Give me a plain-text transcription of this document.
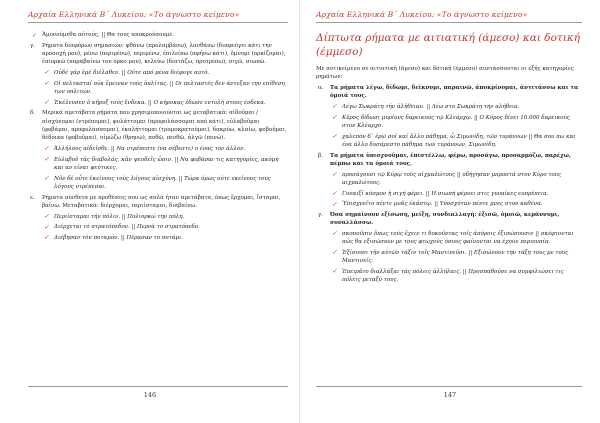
Αρχαία Ελληνικά Β΄ Λυκείου: «Το άγνωστο κείμενο»
✓ Ἀμυνούμεθα αὐτούς. || Θα τους αποκρούσουμε.
γ. Ρήματα διαφόρων σημασιῶν: φθάνω (προλαμβάνω), λανθάνω (διαφεύγει κάτι την προσοχή μου), μένω (περιμένω), περιμένω, ἐπιλείπω (αφήνω κάτι), ὄμνυμι (ορκίζομαι), ἐπιορκῶ (παραβαίνω τον όρκο μου), κελεύω (διατάζω, προτρέπω), σιγῶ, σιωπῶ.
✓ Οὐδέ γάρ ἐμέ διέλαθεν. || Ούτε από μένα διέφυγε αυτό.
✓ Οἱ πελτασταί οὐκ ἔμειναν τούς ὁπλίτας. || Οι πελταστές δεν άντεξαν την επίθεση των οπλιτών.
✓ Ἐκέλευσεν ὁ κῆρυξ τούς ἔνδεκα. || Ο κήρυκας έδωσε εντολή στους ένδεκα.
δ. Μερικά αμετάβατα ρήματα που χρησιμοποιούνται ως μεταβατικά: αἰδοῦμαι / αἰσχύνομαι (ντρέπομαι), φυλάττομαι (προφυλάσσομαι από κάτι), εὐλαβοῦμαι (φοβάμαι, προφυλάσσομαι), ἐκπλήττομαι (τρομοκρατούμαι), δακρύω, κλαίω, φοβοῦμαι, δέδοικα (φοβοῦμαι), οἰμώζω (θρηνώ), ποθῶ, πενθῶ, ἀλγῶ (πονώ).
✓ Ἀλλήλους αἰδεῖσθε. || Να ντρέπεστε (να σέβεστε) ο ένας τον άλλον.
✓ Εὐλαβοῦ τάς διαβολάς, κἄν ψευδεῖς ὦσιν. || Να φοβάσαι τις κατηγορίες, ακόμη και αν είναι ψεύτικες.
✓ Νῦν δέ οὗτε ἐκείνους τούς λόγους αἰσχύνη. || Τώρα όμως ούτε εκείνους τους λόγους ντρέπεσαι.
ε. Ρήματα σύνθετα με προθέσεις που ως απλά ήταν αμετάβατα, όπως ἔρχομαι, ἵσταμαι, βαίνω. Μεταβατικά: διέρχομαι, περιίσταμαι, διαβαίνω.
✓ Περιίσταμαι τήν πόλιν. || Πολιορκώ την πόλη.
✓ Διέρχεται τό στρατόπεδον. || Περνά το στρατόπεδο.
✓ Διέβησαν τόν ποταμόν. || Πέρασαν το ποτάμι.
146
Αρχαία Ελληνικά Β΄ Λυκείου: «Το άγνωστο κείμενο»
Δίπτωτα ρήματα με αιτιατική (άμεσο) και δοτική (έμμεσο)
Με αντικείμενο σε αιτιατική (άμεσο) και δοτική (έμμεσο) συντάσσονται οι εξής κατηγορίες ρημάτων:
α. Τα ρήματα λέγω, δίδωμι, δείκνυμι, παραινῶ, ἀποκρίνομαι, ἀντιτάσσω και τα όμοιά τους.
✓ Λέγω Σωκράτη τήν ἀλήθειαν. || Λέω στο Σωκράτη την αλήθεια.
✓ Κῦρος δίδωσι μυρίους δαρεικούς τῷ Κλεάρχῳ. || Ο Κύρος δίνει 10.000 δαρεικούς στον Κλέαρχο.
✓ χαλεπόν δ᾽ ἐρῶ σοί καί ἄλλο πάθημα, ὦ Σιμωνίδη, τῶν τυράννων || Θα σου πω και ένα άλλο δυσάρεστο πάθημα των τυράννων, Σιμωνίδη.
β. Τα ρήματα ὑπισχνοῦμαι, ἐπιστέλλω, φέρω, προσάγω, προσαρμόζω, παρέχω, πέμπω και τα όμοιά τους.
✓ προσάγουσι τῷ Κύρῳ τούς αἰχμαλώτους || οδήγησαν μπροστά στον Κύρο τους αιχμαλώτους.
✓ Γυναιξί κόσμον ἡ σιγή φέρει. || Η σιωπή φέρνει στις γυναίκες ευπρέπεια.
✓ Ὑπισχνεῖτο πέντε μνᾶς ἑκάστῳ. || Υποσχόταν πέντε μνες στον καθένα.
γ. Όσα σημαίνουν εξίσωση, μείξη, συνδιαλλαγή: ἐξισῶ, ὁμοιῶ, κεράννυμι, συναλλάσσω.
✓ σκοποῦσιν ὅπως τούς ἔχειν τι δοκοῦντας τοῖς ἀπόροις ἐξισώσουσιν || σκέφτονται πώς θα εξισώσουν με τους φτωχούς όσους φαίνονται να έχουν περιουσία.
✓ Ἐξίσουσι τήν αὐτῶν τάξιν τοῖς Μαντινεῦσι. || Εξισώνουν την τάξη τους με τους Μαντινείς.
✓ Ἐπειρᾶτο διαλλάξαι τάς πόλεις ἀλλήλαις. || Προσπαθούσε να συμφιλιώσει τις πόλεις μεταξύ τους.
147
